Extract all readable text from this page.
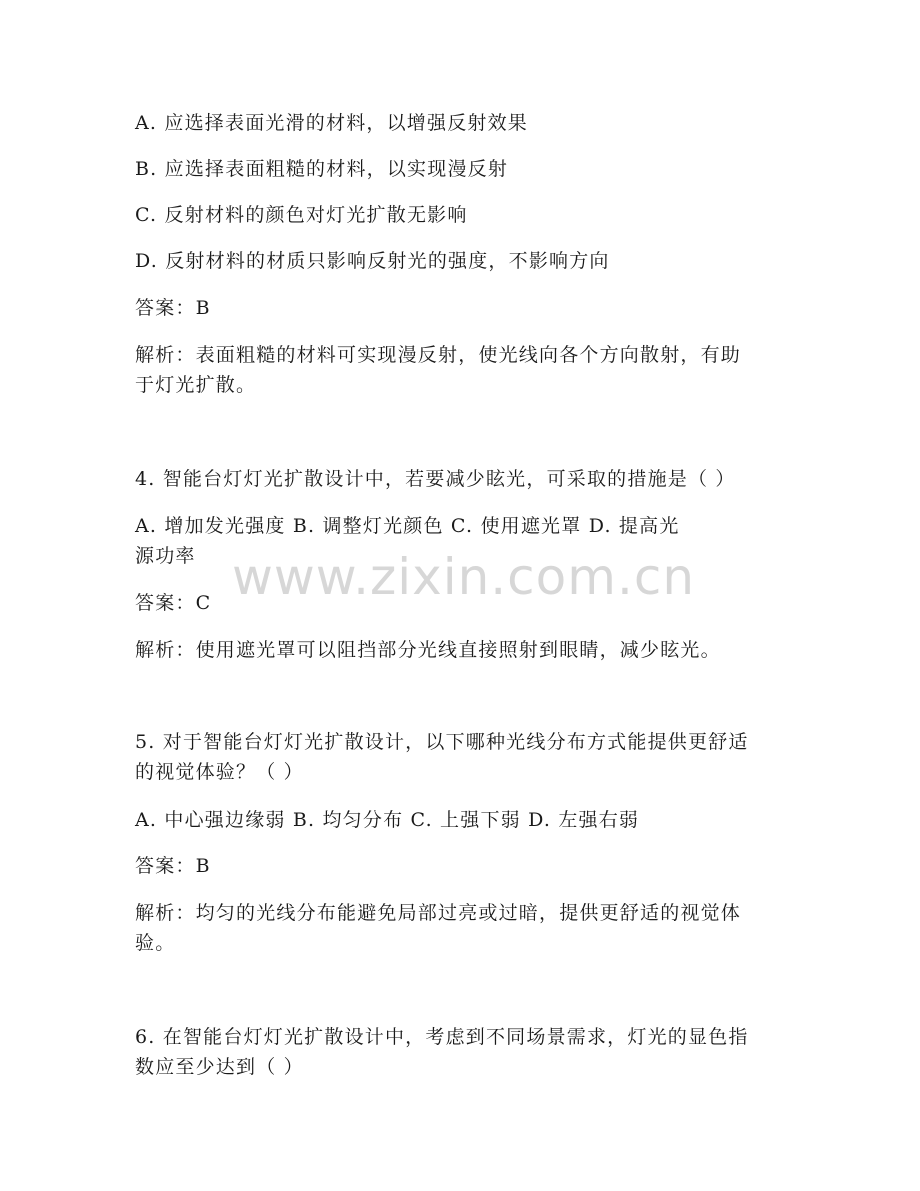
A. 应选择表面光滑的材料，以增强反射效果
B. 应选择表面粗糙的材料，以实现漫反射
C. 反射材料的颜色对灯光扩散无影响
D. 反射材料的材质只影响反射光的强度，不影响方向
答案：B
解析：表面粗糙的材料可实现漫反射，使光线向各个方向散射，有助
于灯光扩散。
4. 智能台灯灯光扩散设计中，若要减少眩光，可采取的措施是（ ）
A. 增加发光强度 B. 调整灯光颜色 C. 使用遮光罩 D. 提高光
源功率
答案：C
解析：使用遮光罩可以阻挡部分光线直接照射到眼睛，减少眩光。
5. 对于智能台灯灯光扩散设计，以下哪种光线分布方式能提供更舒适
的视觉体验？（ ）
A. 中心强边缘弱 B. 均匀分布 C. 上强下弱 D. 左强右弱
答案：B
解析：均匀的光线分布能避免局部过亮或过暗，提供更舒适的视觉体
验。
6. 在智能台灯灯光扩散设计中，考虑到不同场景需求，灯光的显色指
数应至少达到（ ）
www.zixin.com.cn
